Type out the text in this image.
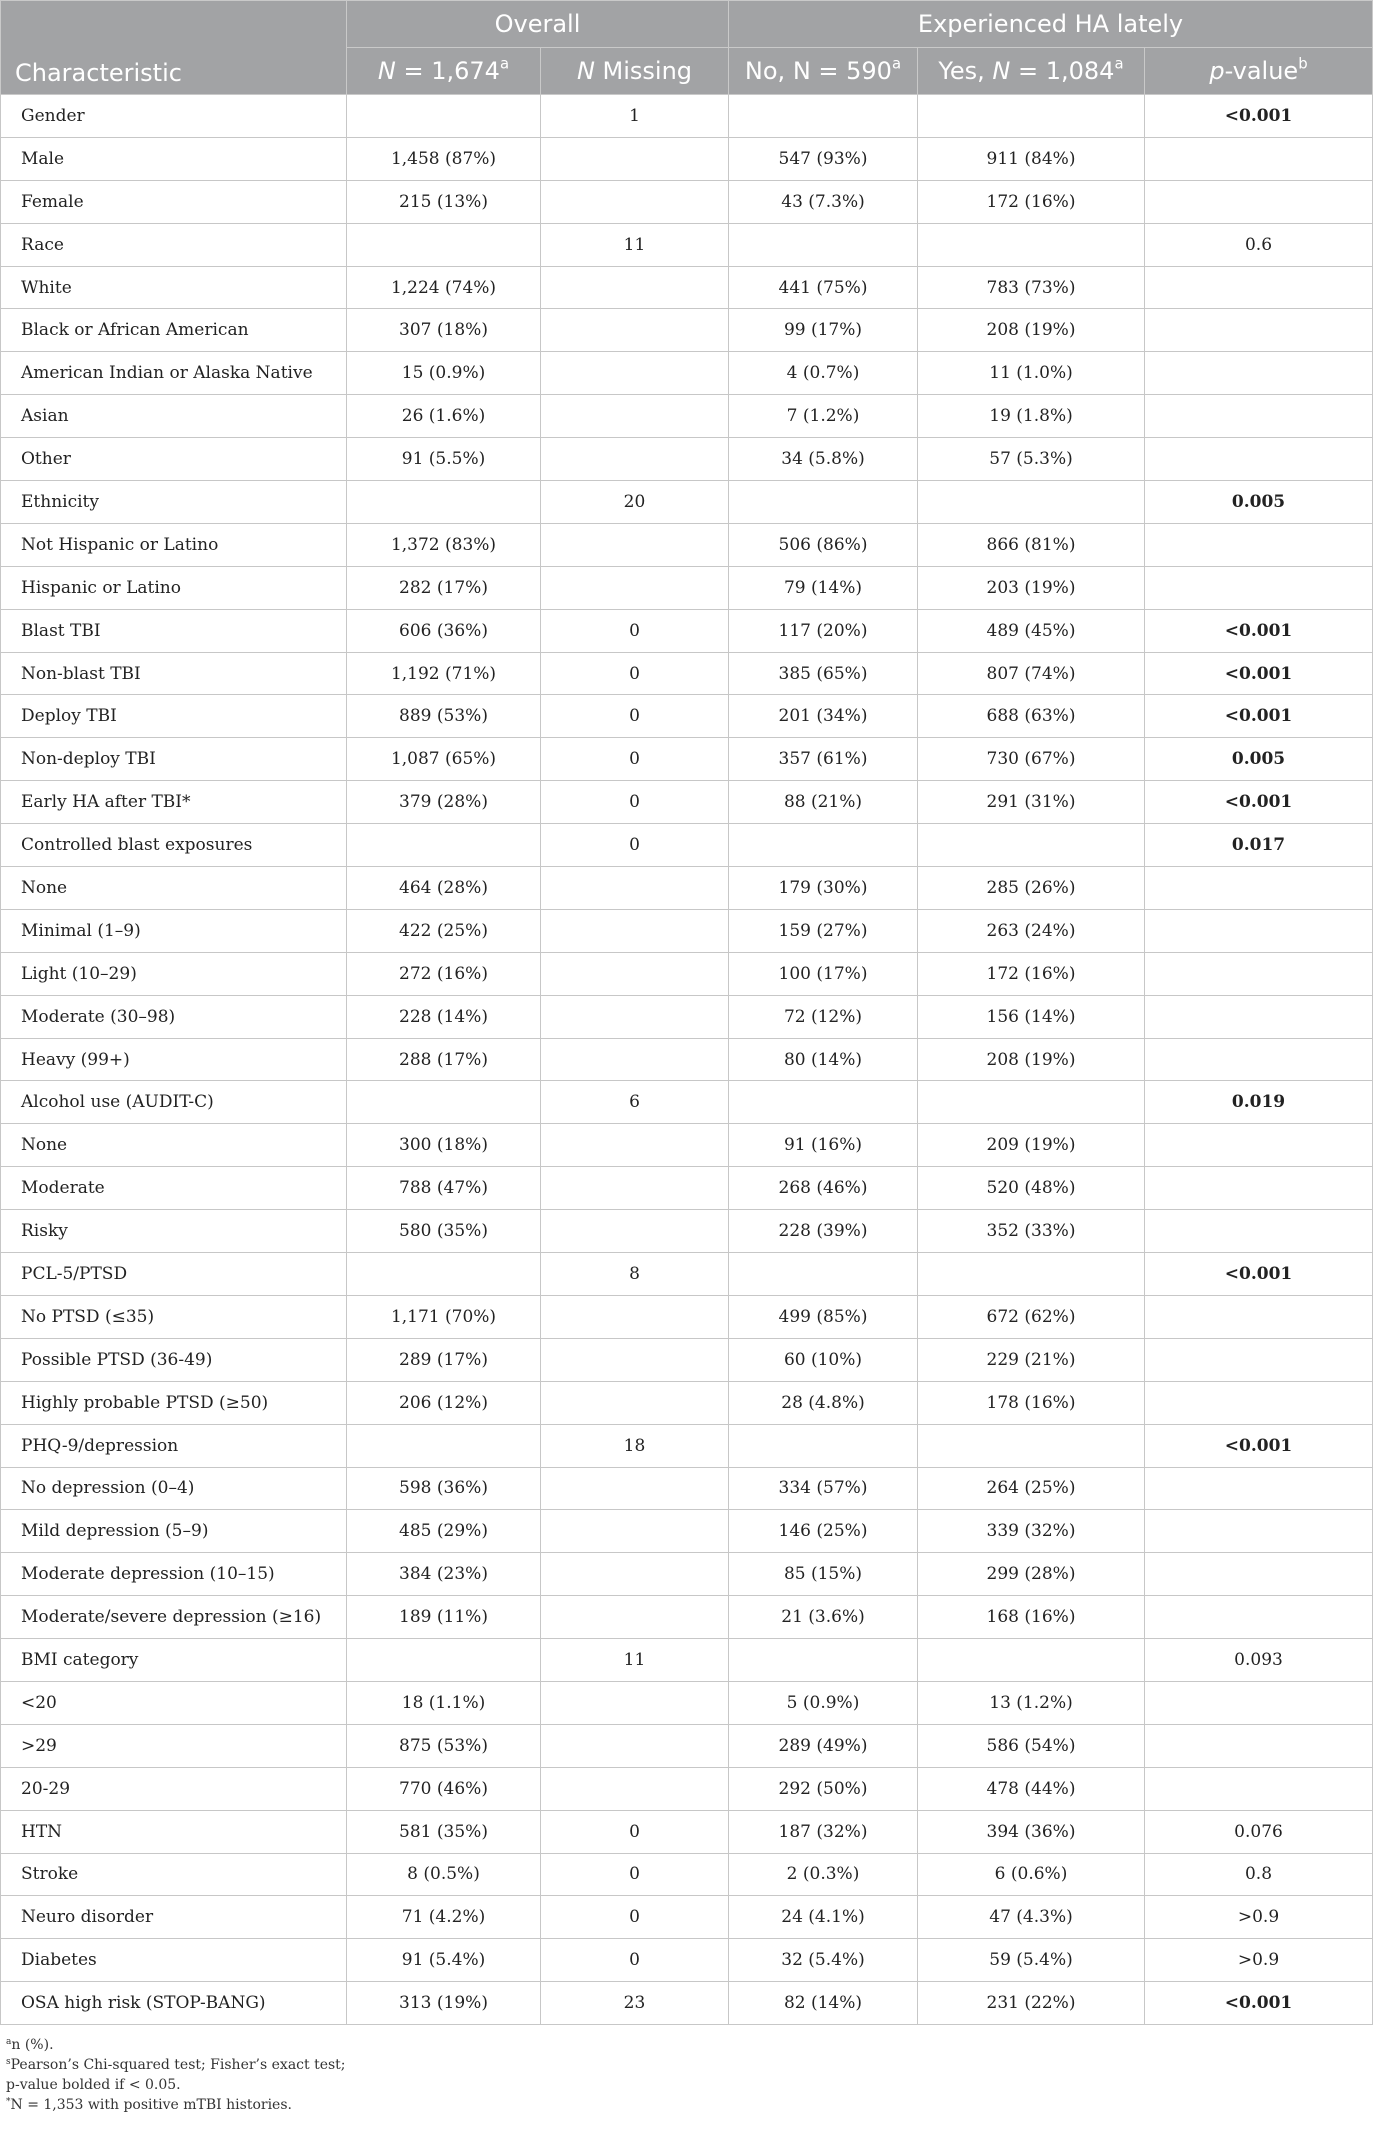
Characteristic	Overall		Experienced HA lately		
	N = 1,674$^a$	N Missing	No, $N = 590^a$	Yes, N = 1,084$^a$	p-value$^b$
Gender		1			<0.001
Male	1,458 (87%)		547 (93%)	911 (84%)	
Female	215 (13%)		43 (7.3%)	172 (16%)	
Race		11			0.6
White	1,224 (74%)		441 (75%)	783 (73%)	
Black or African American	307 (18%)		99 (17%)	208 (19%)	
American Indian or Alaska Native	15 (0.9%)		4 (0.7%)	11 (1.0%)	
Asian	26 (1.6%)		7 (1.2%)	19 (1.8%)	
Other	91 (5.5%)		34 (5.8%)	57 (5.3%)	
Ethnicity		20			0.005
Not Hispanic or Latino	1,372 (83%)		506 (86%)	866 (81%)	
Hispanic or Latino	282 (17%)		79 (14%)	203 (19%)	
Blast TBI	606 (36%)	0	117 (20%)	489 (45%)	<0.001
Non-blast TBI	1,192 (71%)	0	385 (65%)	807 (74%)	<0.001
Deploy TBI	889 (53%)	0	201 (34%)	688 (63%)	<0.001
Non-deploy TBI	1,087 (65%)	0	357 (61%)	730 (67%)	0.005
Early HA after TBI*	379 (28%)	0	88 (21%)	291 (31%)	<0.001
Controlled blast exposures		0			0.017
None	464 (28%)		179 (30%)	285 (26%)	
Minimal (1–9)	422 (25%)		159 (27%)	263 (24%)	
Light (10–29)	272 (16%)		100 (17%)	172 (16%)	
Moderate (30–98)	228 (14%)		72 (12%)	156 (14%)	
Heavy (99+)	288 (17%)		80 (14%)	208 (19%)	
Alcohol use (AUDIT-C)		6			0.019
None	300 (18%)		91 (16%)	209 (19%)	
Moderate	788 (47%)		268 (46%)	520 (48%)	
Risky	580 (35%)		228 (39%)	352 (33%)	
PCL-5/PTSD		8			<0.001
No PTSD (≤35)	1,171 (70%)		499 (85%)	672 (62%)	
Possible PTSD (36-49)	289 (17%)		60 (10%)	229 (21%)	
Highly probable PTSD (≥50)	206 (12%)		28 (4.8%)	178 (16%)	
PHQ-9/depression		18			<0.001
No depression (0–4)	598 (36%)		334 (57%)	264 (25%)	
Mild depression (5–9)	485 (29%)		146 (25%)	339 (32%)	
Moderate depression (10–15)	384 (23%)		85 (15%)	299 (28%)	
Moderate/severe depression (≥16)	189 (11%)		21 (3.6%)	168 (16%)	
BMI category		11			0.093
<20	18 (1.1%)		5 (0.9%)	13 (1.2%)	
>29	875 (53%)		289 (49%)	586 (54%)	
20-29	770 (46%)		292 (50%)	478 (44%)	
HTN	581 (35%)	0	187 (32%)	394 (36%)	0.076
Stroke	8 (0.5%)	0	2 (0.3%)	6 (0.6%)	0.8
Neuro disorder	71 (4.2%)	0	24 (4.1%)	47 (4.3%)	>0.9
Diabetes	91 (5.4%)	0	32 (5.4%)	59 (5.4%)	>0.9
OSA high risk (STOP-BANG)	313 (19%)	23	82 (14%)	231 (22%)	<0.001
$^a$n (%).
$^s$Pearson’s Chi-squared test; Fisher’s exact test;
p-value bolded if < 0.05.
*N = 1,353 with positive mTBI histories.
